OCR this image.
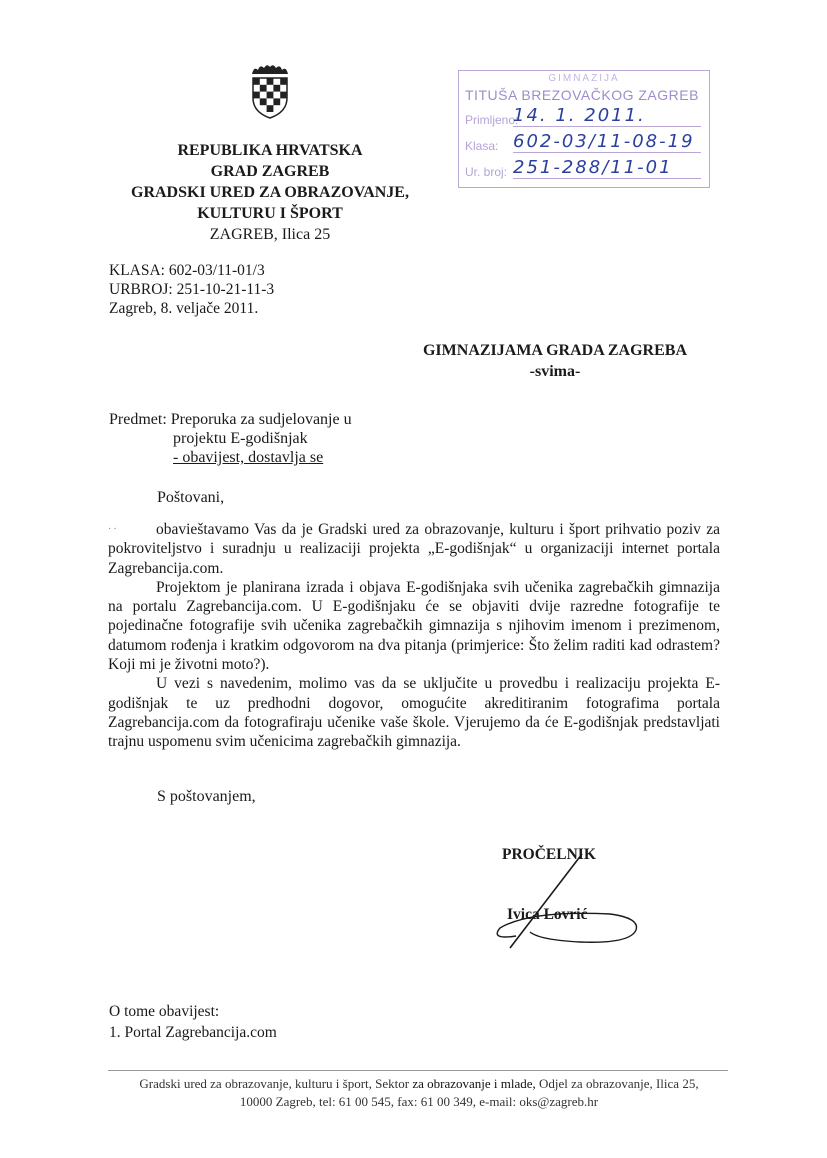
REPUBLIKA HRVATSKA
GRAD ZAGREB
GRADSKI URED ZA OBRAZOVANJE,
KULTURU I ŠPORT
ZAGREB, Ilica 25
GIMNAZIJA
TITUŠA BREZOVAČKOG ZAGREB
Primljeno:
14. 1. 2011.
Klasa: 602-03/11-08-19
Ur. broj: 251-288/11-01
KLASA: 602-03/11-01/3
URBROJ: 251-10-21-11-3
Zagreb, 8. veljače 2011.
GIMNAZIJAMA GRADA ZAGREBA
-svima-
Predmet: Preporuka za sudjelovanje u
projektu E-godišnjak
- obavijest, dostavlja se
Poštovani,
··	obavieštavamo Vas da je Gradski ured za obrazovanje, kulturu i šport prihvatio poziv za pokroviteljstvo i suradnju u realizaciji projekta „E-godišnjak“ u organizaciji internet portala Zagrebancija.com.

Projektom je planirana izrada i objava E-godišnjaka svih učenika zagrebačkih gimnazija na portalu Zagrebancija.com. U E-godišnjaku će se objaviti dvije razredne fotografije te pojedinačne fotografije svih učenika zagrebačkih gimnazija s njihovim imenom i prezimenom, datumom rođenja i kratkim odgovorom na dva pitanja (primjerice: Što želim raditi kad odrastem? Koji mi je životni moto?).

U vezi s navedenim, molimo vas da se uključite u provedbu i realizaciju projekta E-godišnjak te uz predhodni dogovor, omogućite akreditiranim fotografima portala Zagrebancija.com da fotografiraju učenike vaše škole. Vjerujemo da će E-godišnjak predstavljati trajnu uspomenu svim učenicima zagrebačkih gimnazija.

S poštovanjem,
PROČELNIK
Ivica Lovrić
O tome obavijest:
1. Portal Zagrebancija.com
Gradski ured za obrazovanje, kulturu i šport, Sektor za obrazovanje i mlade, Odjel za obrazovanje, Ilica 25,
10000 Zagreb, tel: 61 00 545, fax: 61 00 349, e-mail: oks@zagreb.hr
